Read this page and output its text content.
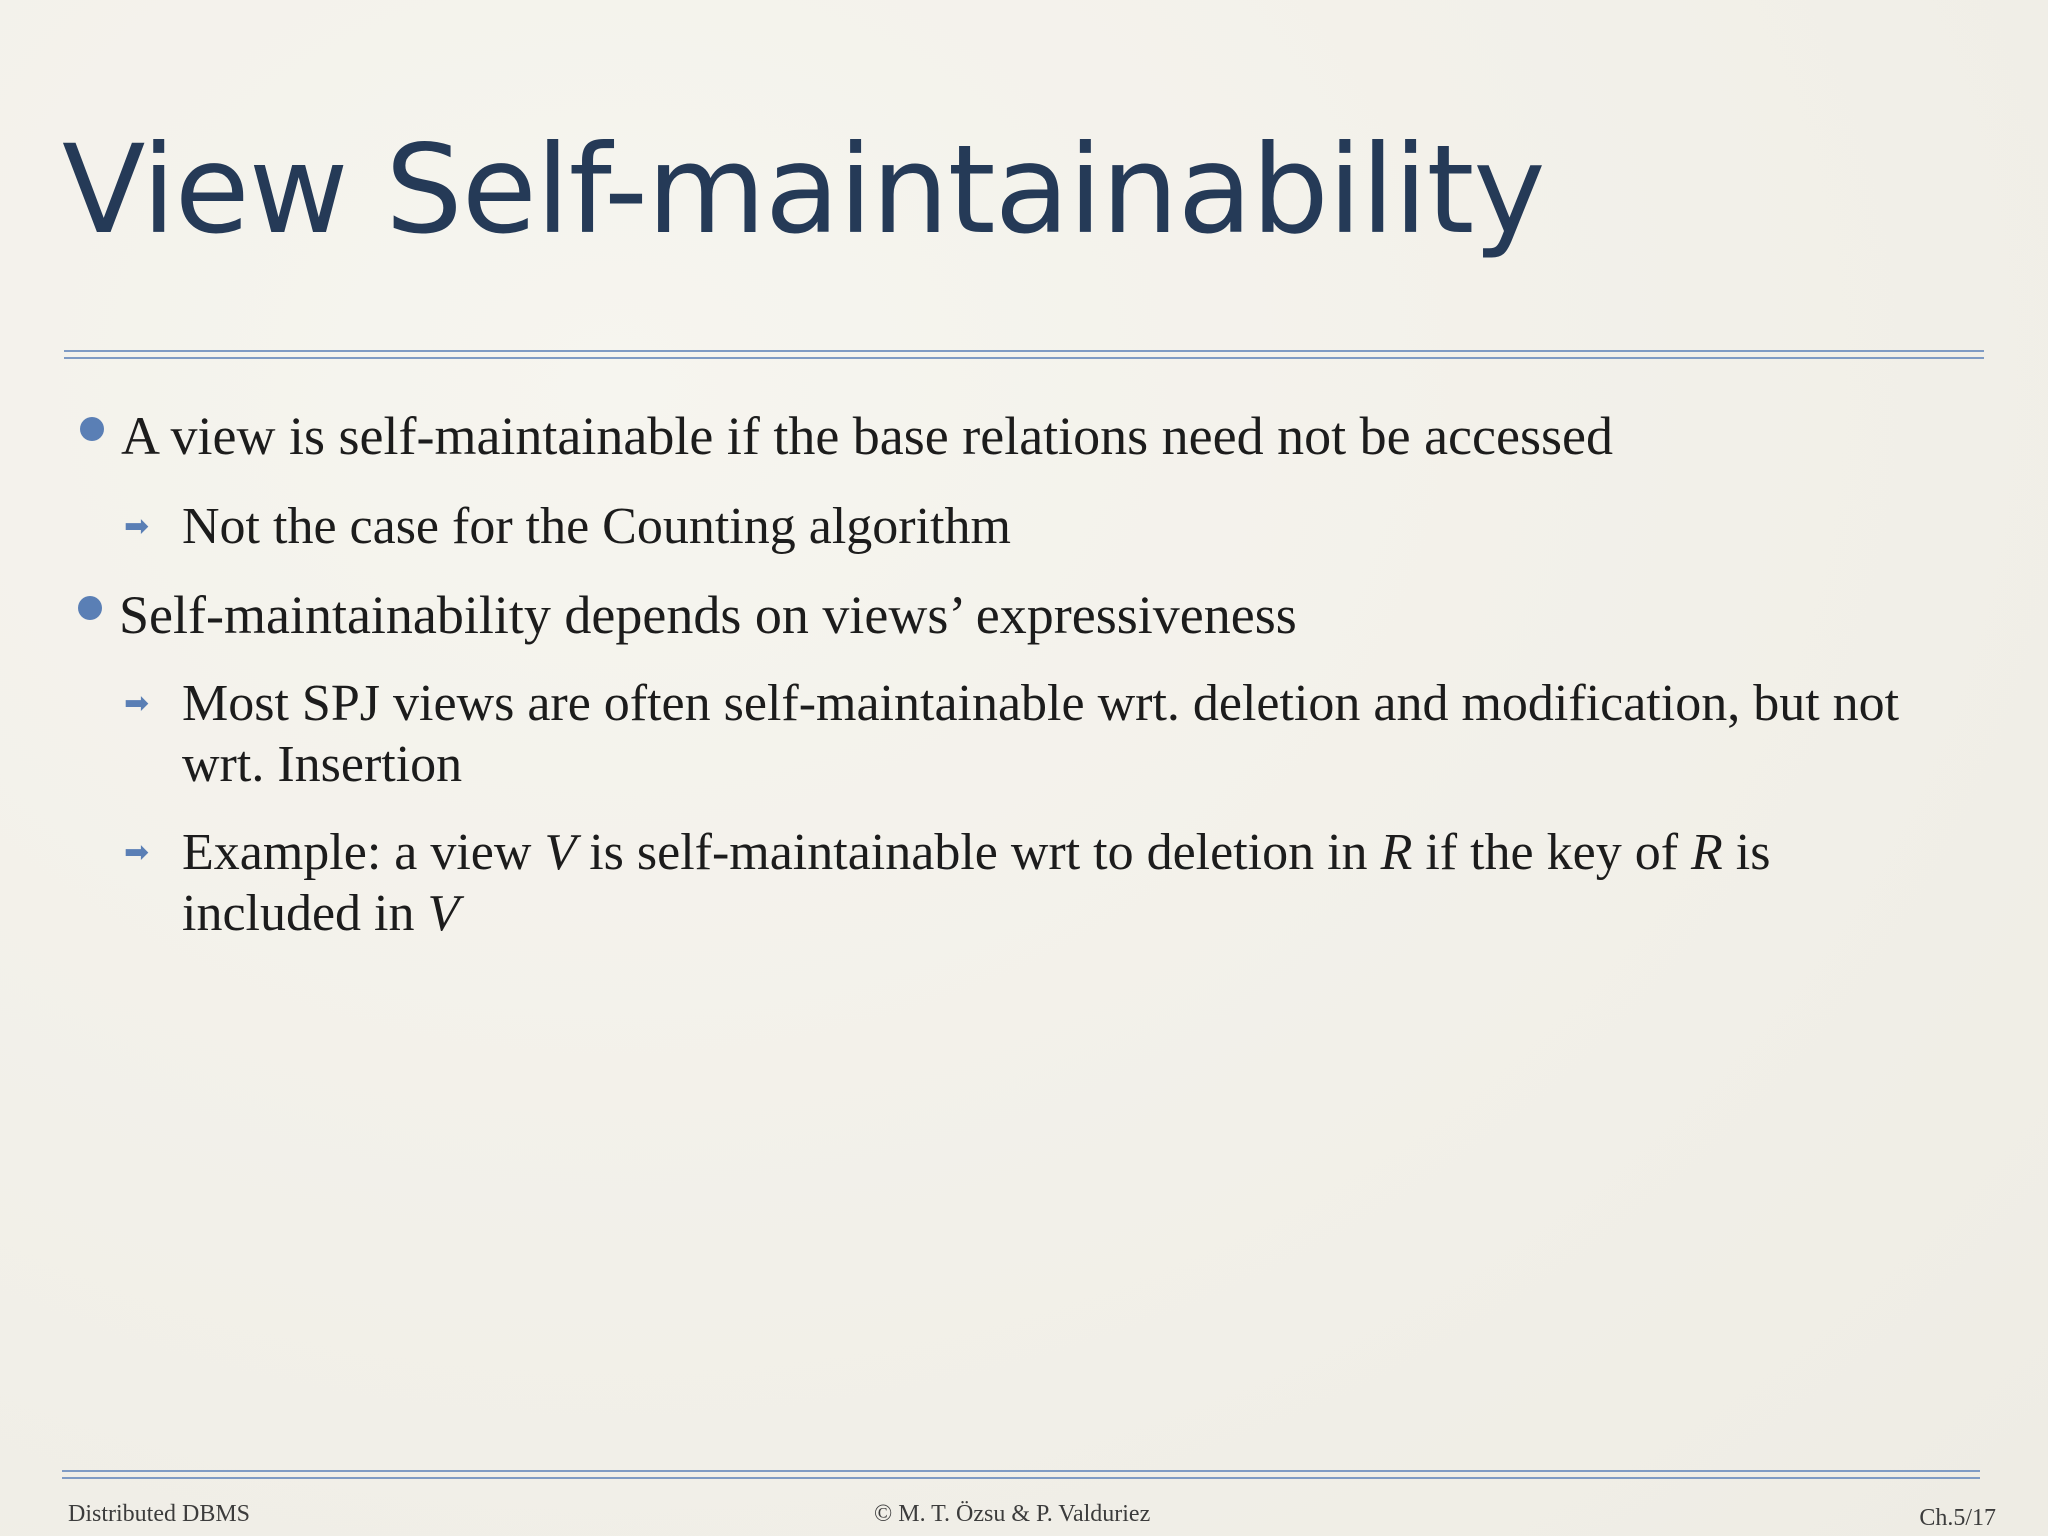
View Self-maintainability
A view is self-maintainable if the base relations need not be accessed
➡ Not the case for the Counting algorithm
Self-maintainability depends on views’ expressiveness
➡ Most SPJ views are often self-maintainable wrt. deletion and modification, but not wrt. Insertion
➡ Example: a view V is self-maintainable wrt to deletion in R if the key of R is included in V
Distributed DBMS	© M. T. Özsu & P. Valduriez	Ch.5/17
